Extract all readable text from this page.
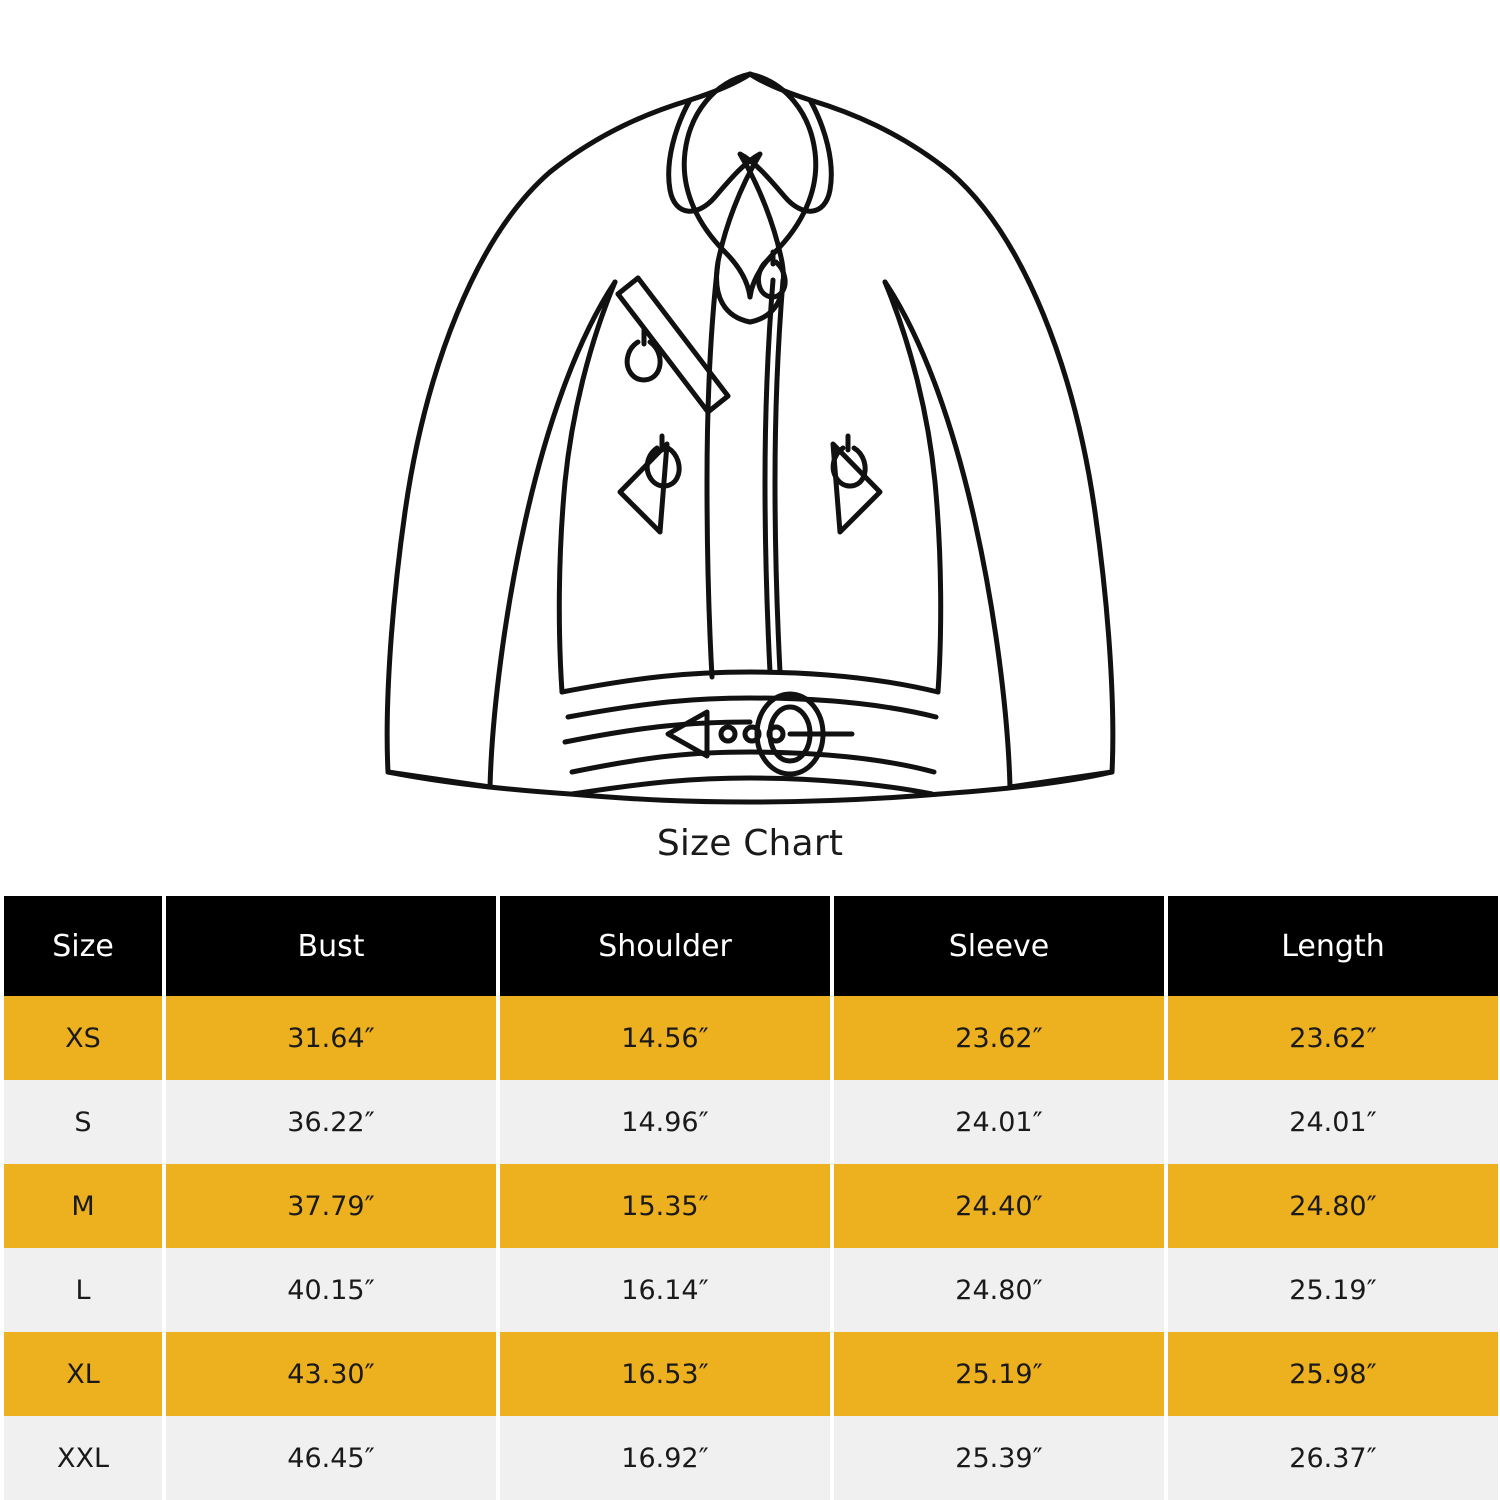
Size Chart
Size	Bust	Shoulder	Sleeve	Length
XS	31.64″	14.56″	23.62″	23.62″
S	36.22″	14.96″	24.01″	24.01″
M	37.79″	15.35″	24.40″	24.80″
L	40.15″	16.14″	24.80″	25.19″
XL	43.30″	16.53″	25.19″	25.98″
XXL	46.45″	16.92″	25.39″	26.37″
